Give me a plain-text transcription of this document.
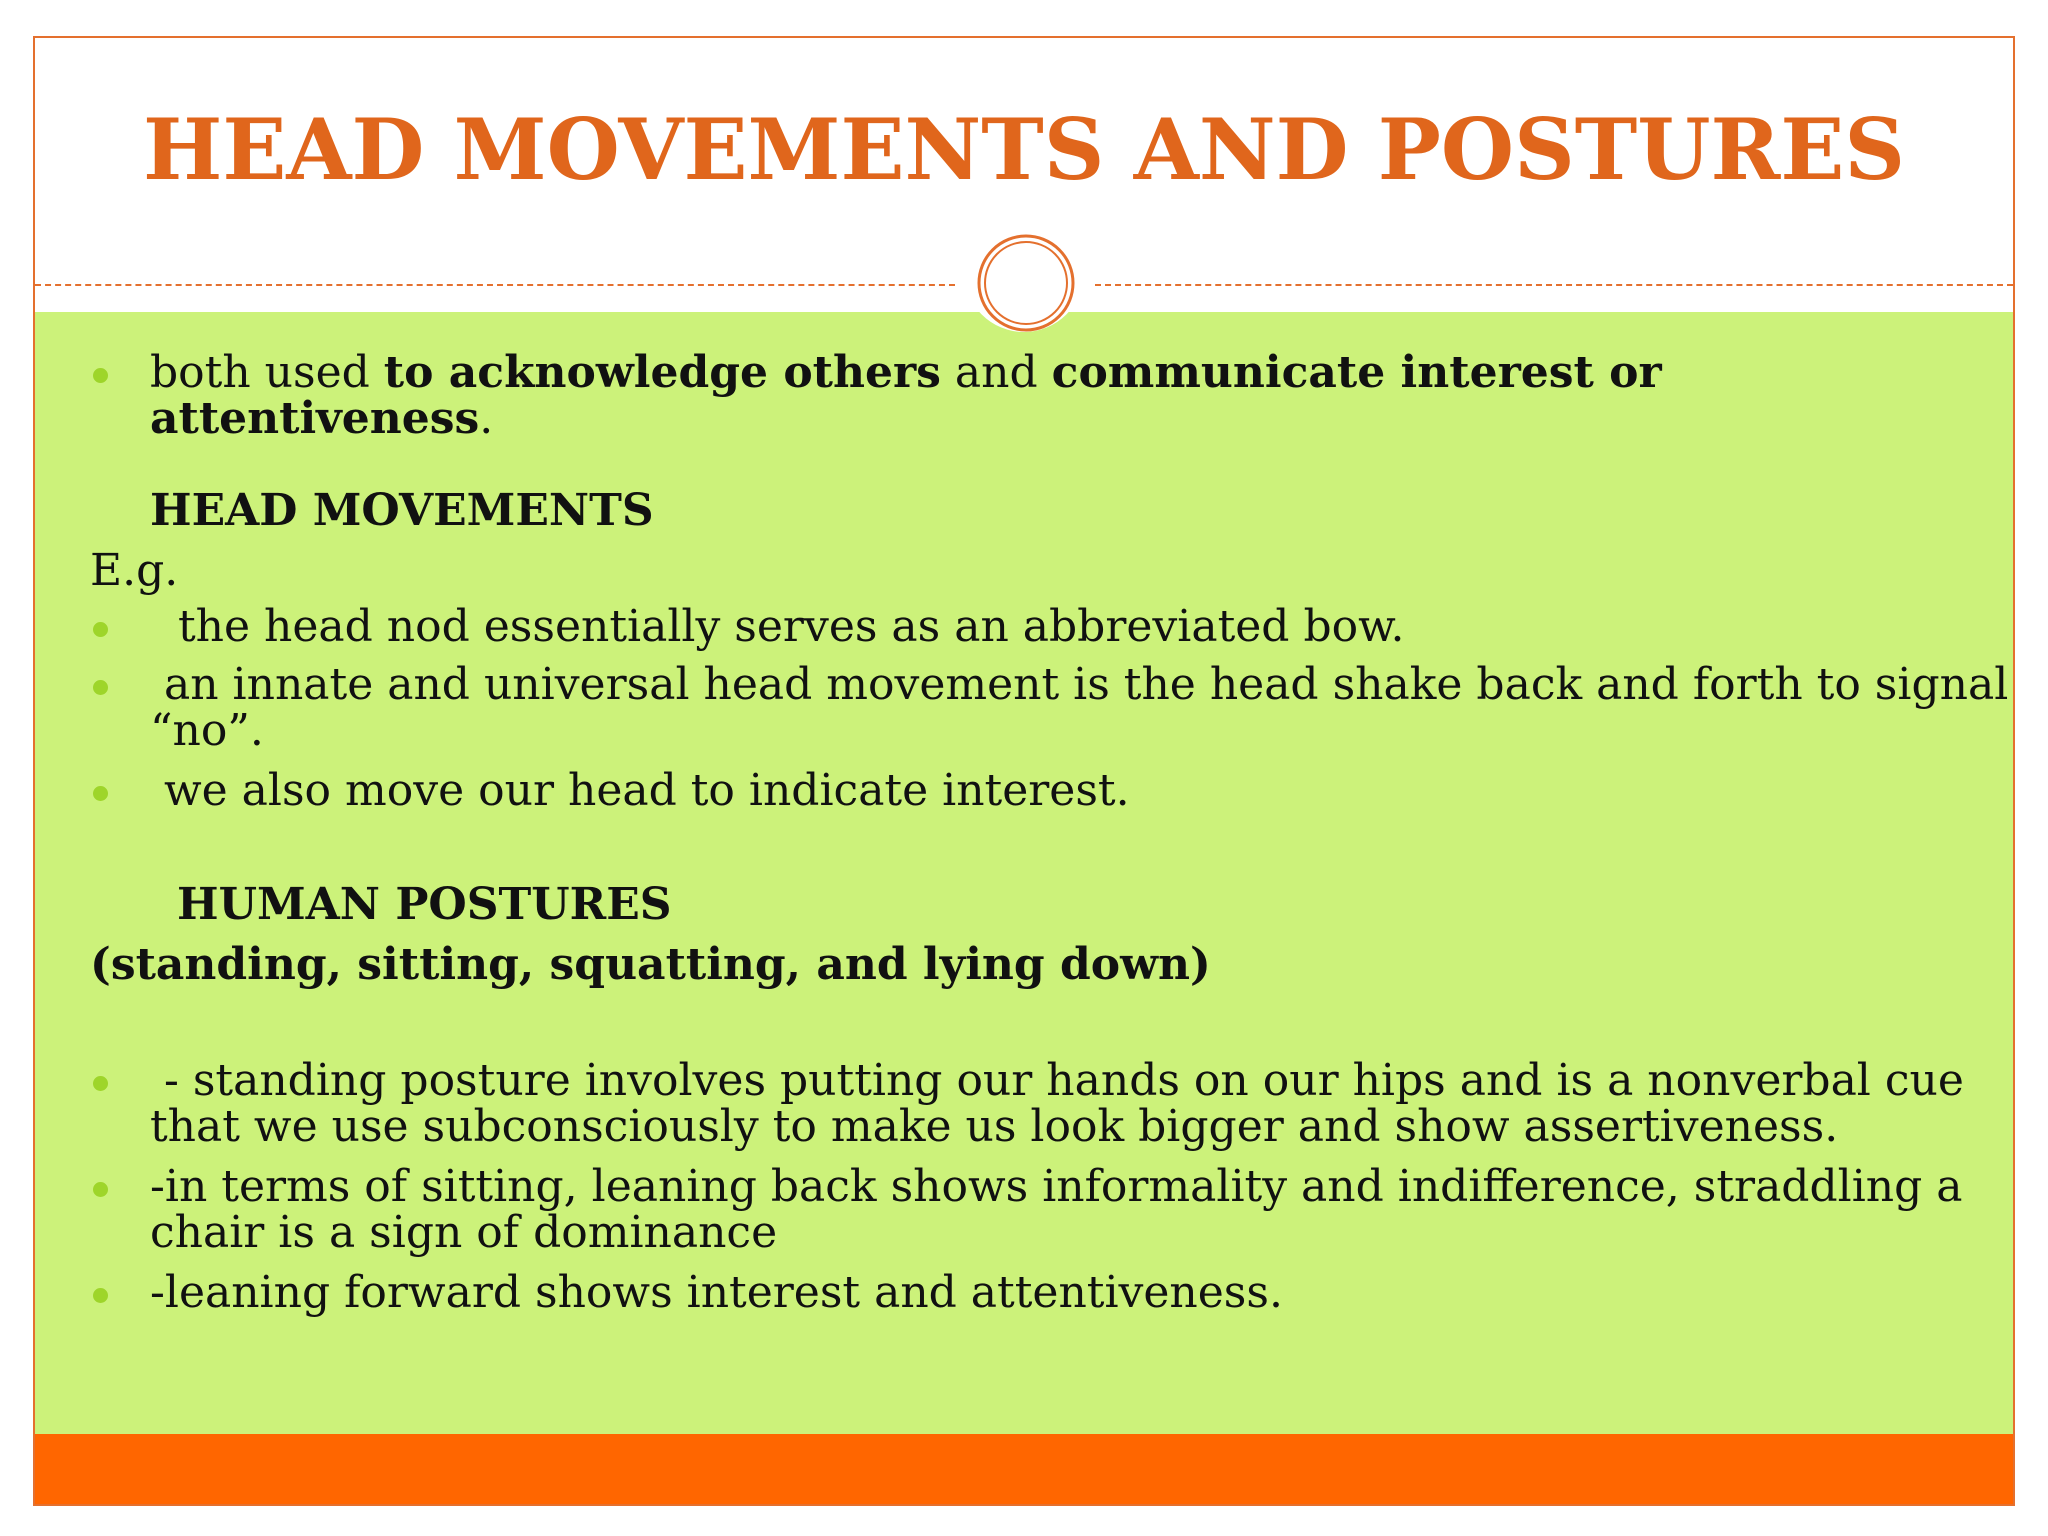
HEAD MOVEMENTS AND POSTURES
both used to acknowledge others and communicate interest or
attentiveness.
HEAD MOVEMENTS
E.g.
the head nod essentially serves as an abbreviated bow.
an innate and universal head movement is the head shake back and forth to signal
“no”.
we also move our head to indicate interest.
HUMAN POSTURES
(standing, sitting, squatting, and lying down)
- standing posture involves putting our hands on our hips and is a nonverbal cue
that we use subconsciously to make us look bigger and show assertiveness.
-in terms of sitting, leaning back shows informality and indifference, straddling a
chair is a sign of dominance
-leaning forward shows interest and attentiveness.
